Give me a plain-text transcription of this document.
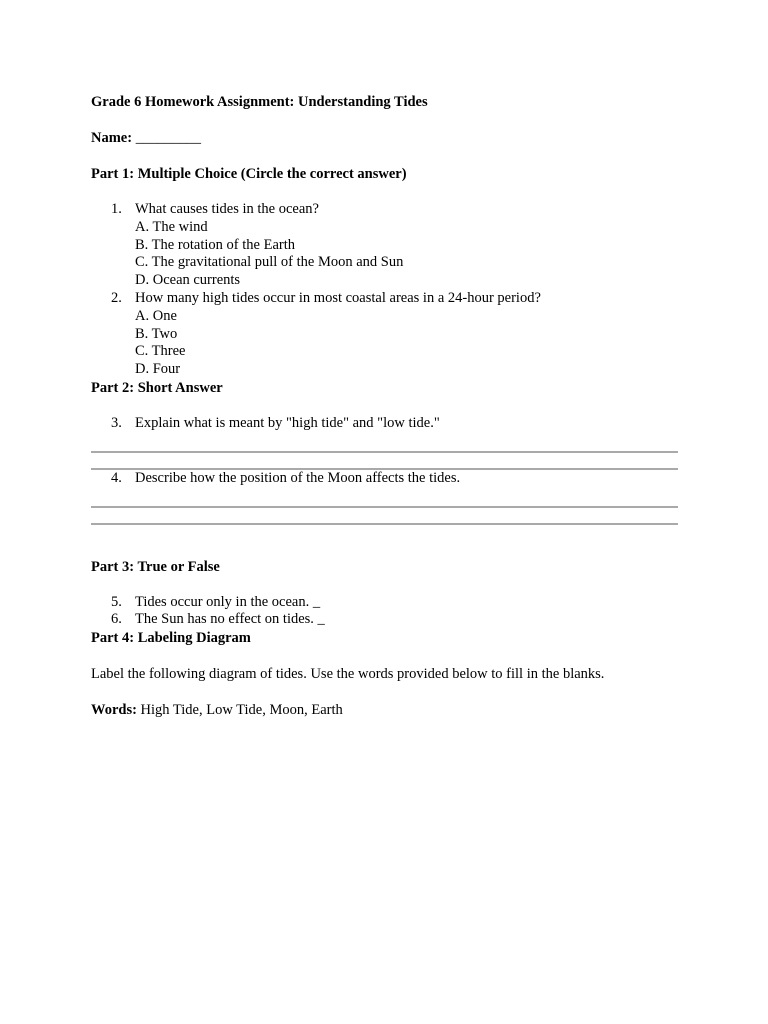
Grade 6 Homework Assignment: Understanding Tides

Name: _________

Part 1: Multiple Choice (Circle the correct answer)

1. What causes tides in the ocean?
A. The wind
B. The rotation of the Earth
C. The gravitational pull of the Moon and Sun
D. Ocean currents
2. How many high tides occur in most coastal areas in a 24-hour period?
A. One
B. Two
C. Three
D. Four

Part 2: Short Answer

3. Explain what is meant by "high tide" and "low tide."
4. Describe how the position of the Moon affects the tides.

Part 3: True or False

5. Tides occur only in the ocean. _
6. The Sun has no effect on tides. _

Part 4: Labeling Diagram

Label the following diagram of tides. Use the words provided below to fill in the blanks.

Words: High Tide, Low Tide, Moon, Earth
